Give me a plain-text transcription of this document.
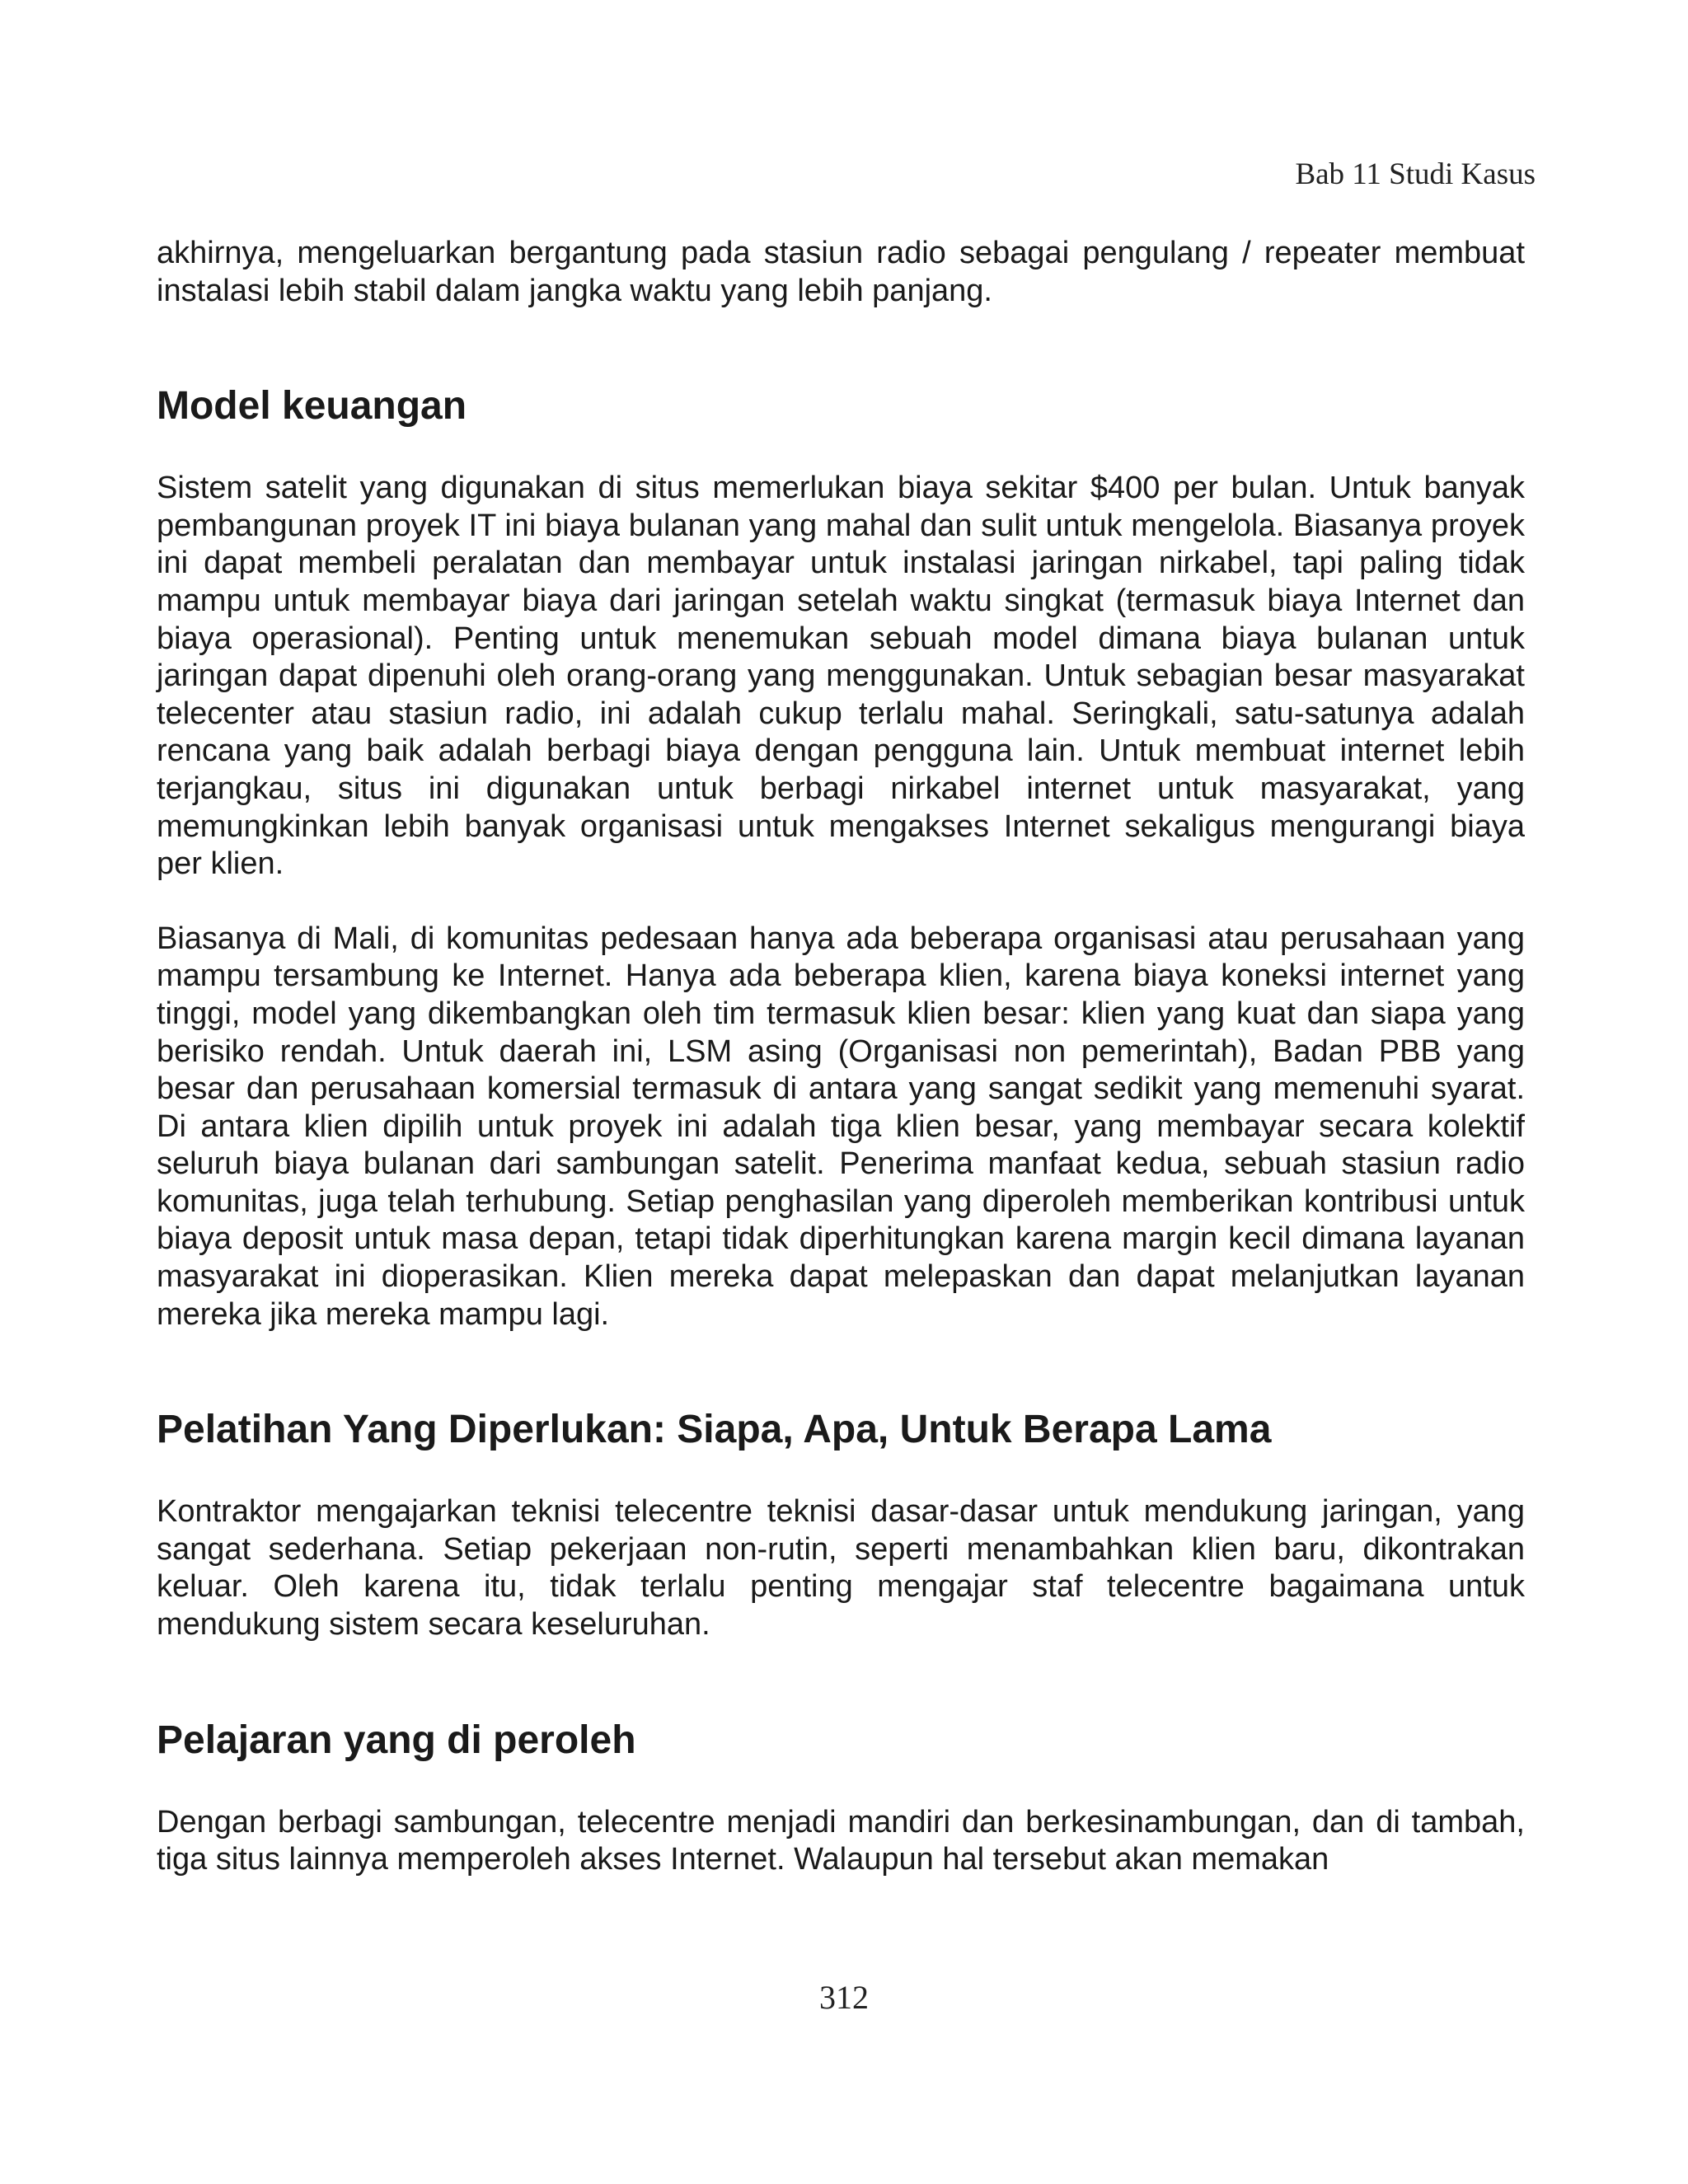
Bab 11 Studi Kasus

akhirnya, mengeluarkan bergantung pada stasiun radio sebagai pengulang / repeater membuat instalasi lebih stabil dalam jangka waktu yang lebih panjang.

Model keuangan

Sistem satelit yang digunakan di situs memerlukan biaya sekitar $400 per bulan. Untuk banyak pembangunan proyek IT ini biaya bulanan yang mahal dan sulit untuk mengelola. Biasanya proyek ini dapat membeli peralatan dan membayar untuk instalasi jaringan nirkabel, tapi paling tidak mampu untuk membayar biaya dari jaringan setelah waktu singkat (termasuk biaya Internet dan biaya operasional). Penting untuk menemukan sebuah model dimana biaya bulanan untuk jaringan dapat dipenuhi oleh orang-orang yang menggunakan. Untuk sebagian besar masyarakat telecenter atau stasiun radio, ini adalah cukup terlalu mahal. Seringkali, satu-satunya adalah rencana yang baik adalah berbagi biaya dengan pengguna lain. Untuk membuat internet lebih terjangkau, situs ini digunakan untuk berbagi nirkabel internet untuk masyarakat, yang memungkinkan lebih banyak organisasi untuk mengakses Internet sekaligus mengurangi biaya per klien.

Biasanya di Mali, di komunitas pedesaan hanya ada beberapa organisasi atau perusahaan yang mampu tersambung ke Internet. Hanya ada beberapa klien, karena biaya koneksi internet yang tinggi, model yang dikembangkan oleh tim termasuk klien besar: klien yang kuat dan siapa yang berisiko rendah. Untuk daerah ini, LSM asing (Organisasi non pemerintah), Badan PBB yang besar dan perusahaan komersial termasuk di antara yang sangat sedikit yang memenuhi syarat. Di antara klien dipilih untuk proyek ini adalah tiga klien besar, yang membayar secara kolektif seluruh biaya bulanan dari sambungan satelit. Penerima manfaat kedua, sebuah stasiun radio komunitas, juga telah terhubung. Setiap penghasilan yang diperoleh memberikan kontribusi untuk biaya deposit untuk masa depan, tetapi tidak diperhitungkan karena margin kecil dimana layanan masyarakat ini dioperasikan. Klien mereka dapat melepaskan dan dapat melanjutkan layanan mereka jika mereka mampu lagi.

Pelatihan Yang Diperlukan: Siapa, Apa, Untuk Berapa Lama

Kontraktor mengajarkan teknisi telecentre teknisi dasar-dasar untuk mendukung jaringan, yang sangat sederhana. Setiap pekerjaan non-rutin, seperti menambahkan klien baru, dikontrakan keluar. Oleh karena itu, tidak terlalu penting mengajar staf telecentre bagaimana untuk mendukung sistem secara keseluruhan.

Pelajaran yang di peroleh

Dengan berbagi sambungan, telecentre menjadi mandiri dan berkesinambungan, dan di tambah, tiga situs lainnya memperoleh akses Internet. Walaupun hal tersebut akan memakan

312
